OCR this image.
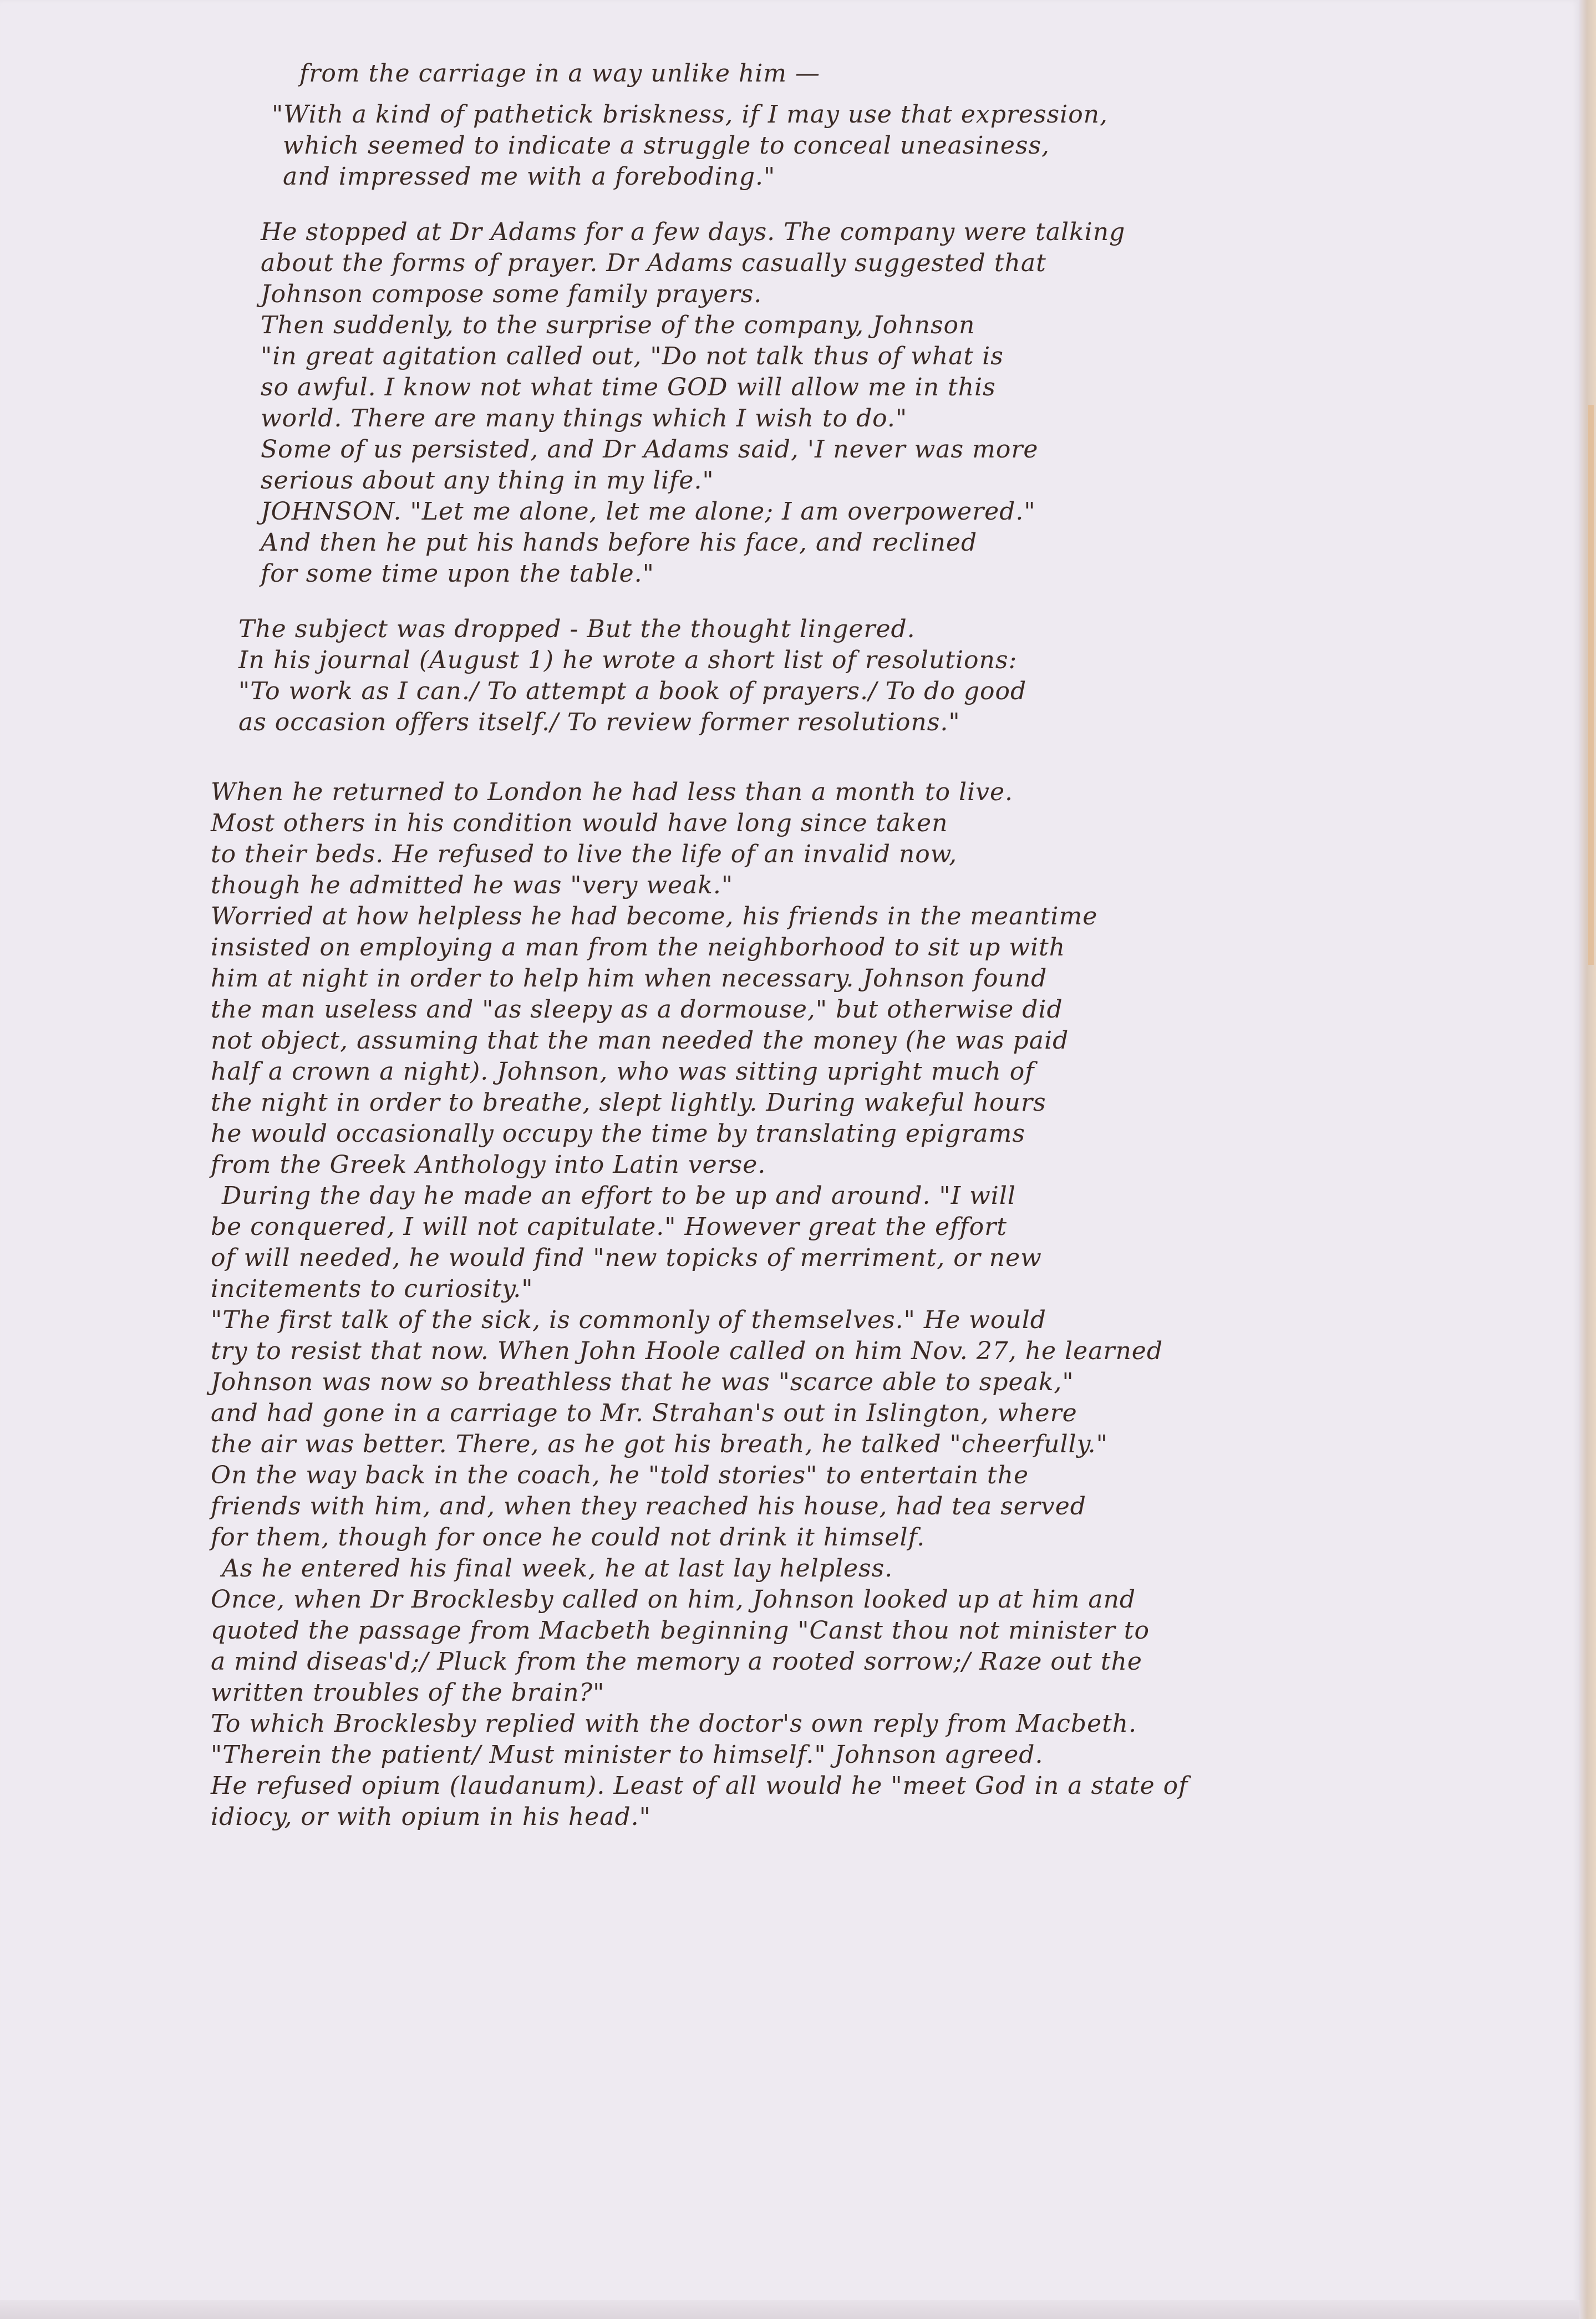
from the carriage in a way unlike him —
"With a kind of pathetick briskness, if I may use that expression,
which seemed to indicate a struggle to conceal uneasiness,
and impressed me with a foreboding."
He stopped at Dr Adams for a few days. The company were talking
about the forms of prayer. Dr Adams casually suggested that
Johnson compose some family prayers.
Then suddenly, to the surprise of the company, Johnson
"in great agitation called out, "Do not talk thus of what is
so awful. I know not what time GOD will allow me in this
world. There are many things which I wish to do."
Some of us persisted, and Dr Adams said, 'I never was more
serious about any thing in my life."
JOHNSON. "Let me alone, let me alone; I am overpowered."
And then he put his hands before his face, and reclined
for some time upon the table."
The subject was dropped - But the thought lingered.
In his journal (August 1) he wrote a short list of resolutions:
"To work as I can./ To attempt a book of prayers./ To do good
as occasion offers itself./ To review former resolutions."
When he returned to London he had less than a month to live.
Most others in his condition would have long since taken
to their beds. He refused to live the life of an invalid now,
though he admitted he was "very weak."
Worried at how helpless he had become, his friends in the meantime
insisted on employing a man from the neighborhood to sit up with
him at night in order to help him when necessary. Johnson found
the man useless and "as sleepy as a dormouse," but otherwise did
not object, assuming that the man needed the money (he was paid
half a crown a night). Johnson, who was sitting upright much of
the night in order to breathe, slept lightly. During wakeful hours
he would occasionally occupy the time by translating epigrams
from the Greek Anthology into Latin verse.
During the day he made an effort to be up and around. "I will
be conquered, I will not capitulate." However great the effort
of will needed, he would find "new topicks of merriment, or new
incitements to curiosity."
"The first talk of the sick, is commonly of themselves." He would
try to resist that now. When John Hoole called on him Nov. 27, he learned
Johnson was now so breathless that he was "scarce able to speak,"
and had gone in a carriage to Mr. Strahan's out in Islington, where
the air was better. There, as he got his breath, he talked "cheerfully."
On the way back in the coach, he "told stories" to entertain the
friends with him, and, when they reached his house, had tea served
for them, though for once he could not drink it himself.
As he entered his final week, he at last lay helpless.
Once, when Dr Brocklesby called on him, Johnson looked up at him and
quoted the passage from Macbeth beginning "Canst thou not minister to
a mind diseas'd;/ Pluck from the memory a rooted sorrow;/ Raze out the
written troubles of the brain?"
To which Brocklesby replied with the doctor's own reply from Macbeth.
"Therein the patient/ Must minister to himself." Johnson agreed.
He refused opium (laudanum). Least of all would he "meet God in a state of
idiocy, or with opium in his head."
